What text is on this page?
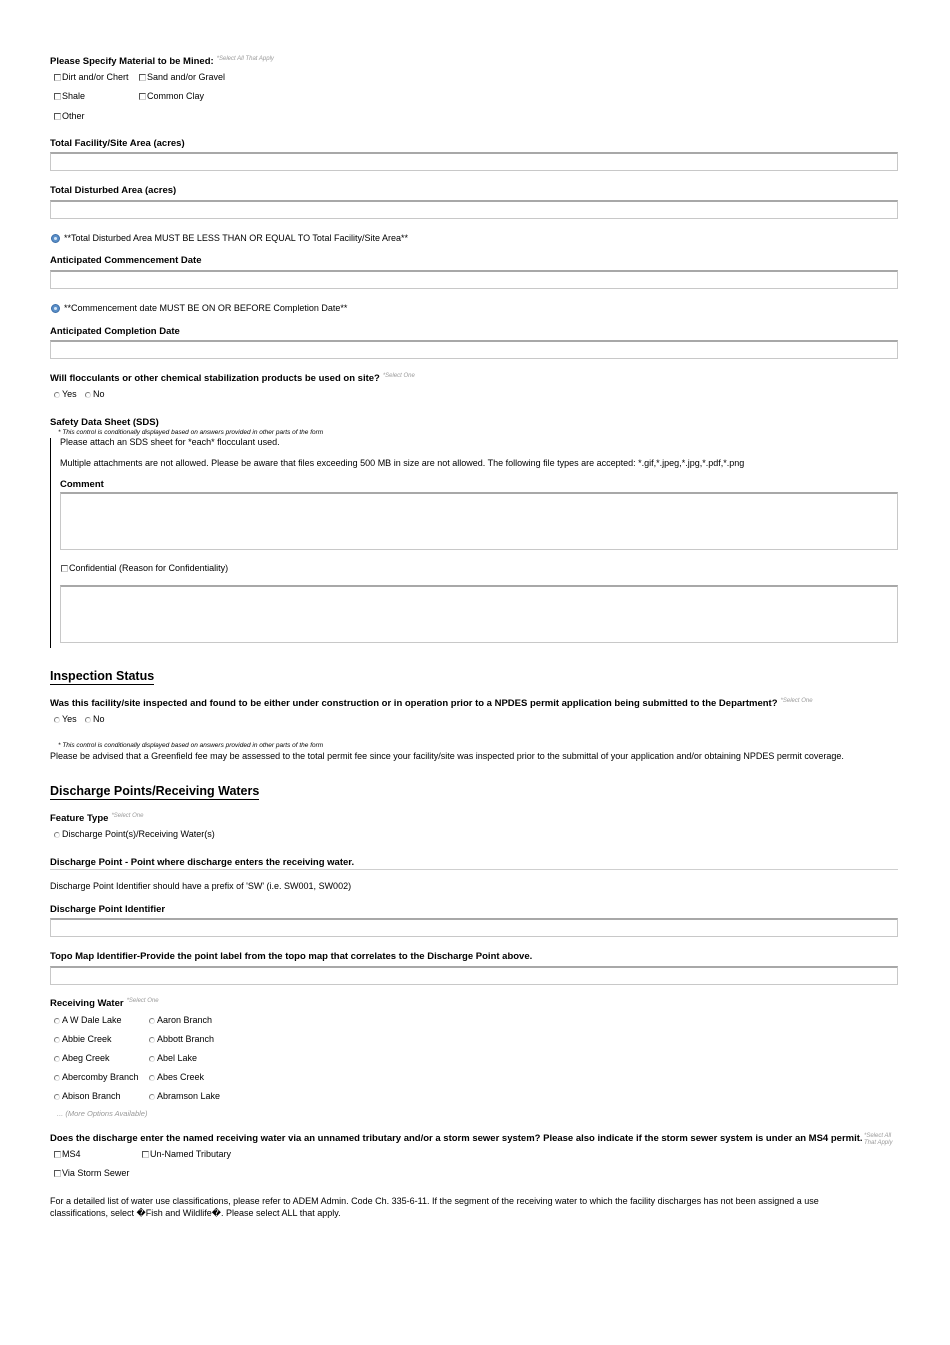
Please Specify Material to be Mined: $^{*Select All That Apply}$
Dirt and/or Chert	Sand and/or Gravel
Shale	Common Clay
Other
Total Facility/Site Area (acres)
Total Disturbed Area (acres)
**Total Disturbed Area MUST BE LESS THAN OR EQUAL TO Total Facility/Site Area**
Anticipated Commencement Date
**Commencement date MUST BE ON OR BEFORE Completion Date**
Anticipated Completion Date
Will flocculants or other chemical stabilization products be used on site? $^{*Select One}$
Yes	No
Safety Data Sheet (SDS)
* This control is conditionally displayed based on answers provided in other parts of the form
Please attach an SDS sheet for *each* flocculant used.
Multiple attachments are not allowed. Please be aware that files exceeding 500 MB in size are not allowed. The following file types are accepted: *.gif,*.jpeg,*.jpg,*.pdf,*.png
Comment
Confidential (Reason for Confidentiality)
Inspection Status
Was this facility/site inspected and found to be either under construction or in operation prior to a NPDES permit application being submitted to the Department? $^{*Select One}$
Yes	No
* This control is conditionally displayed based on answers provided in other parts of the form
Please be advised that a Greenfield fee may be assessed to the total permit fee since your facility/site was inspected prior to the submittal of your application and/or obtaining NPDES permit coverage.
Discharge Points/Receiving Waters
Feature Type $^{*Select One}$
Discharge Point(s)/Receiving Water(s)
Discharge Point - Point where discharge enters the receiving water.
Discharge Point Identifier should have a prefix of 'SW' (i.e. SW001, SW002)
Discharge Point Identifier
Topo Map Identifier-Provide the point label from the topo map that correlates to the Discharge Point above.
Receiving Water $^{*Select One}$
A W Dale Lake	Aaron Branch
Abbie Creek	Abbott Branch
Abeg Creek	Abel Lake
Abercomby Branch	Abes Creek
Abison Branch	Abramson Lake
... (More Options Available)
Does the discharge enter the named receiving water via an unnamed tributary and/or a storm sewer system? Please also indicate if the storm sewer system is under an MS4 permit. *Select All
That Apply
MS4	Un-Named Tributary
Via Storm Sewer
For a detailed list of water use classifications, please refer to ADEM Admin. Code Ch. 335-6-11. If the segment of the receiving water to which the facility discharges has not been assigned a use
classifications, select �Fish and Wildlife�. Please select ALL that apply.
